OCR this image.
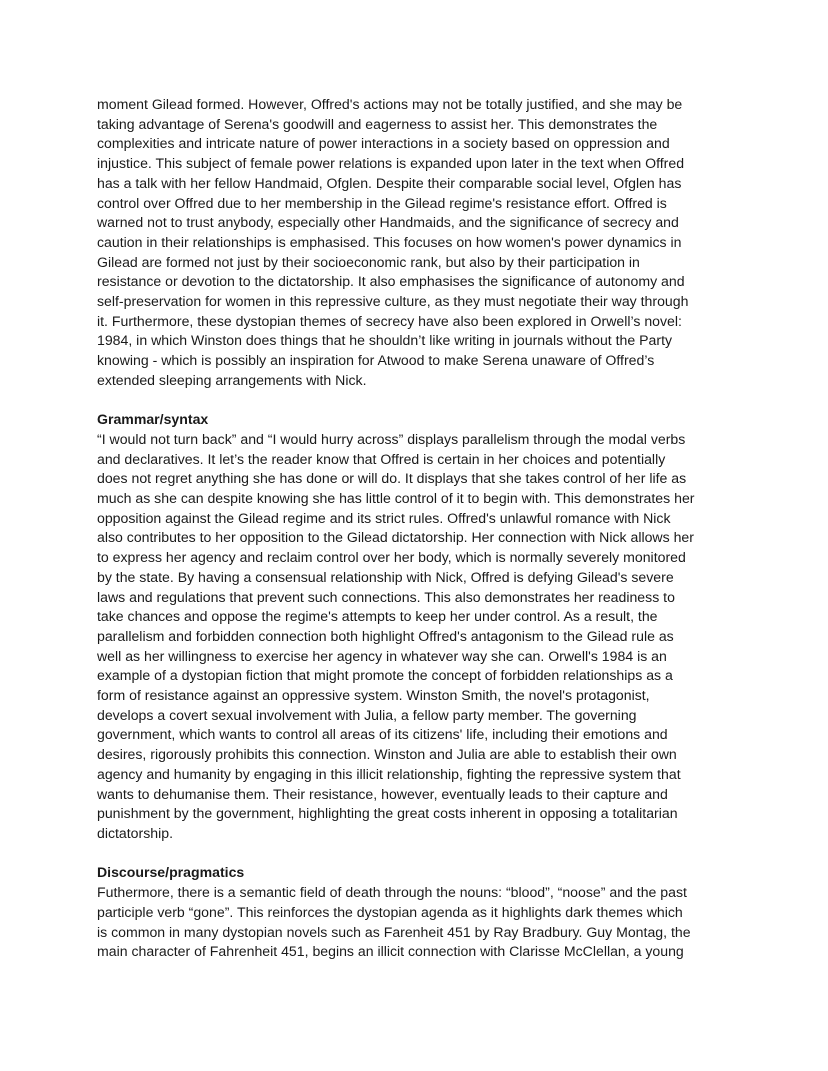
moment Gilead formed. However, Offred's actions may not be totally justified, and she may be
taking advantage of Serena's goodwill and eagerness to assist her. This demonstrates the
complexities and intricate nature of power interactions in a society based on oppression and
injustice. This subject of female power relations is expanded upon later in the text when Offred
has a talk with her fellow Handmaid, Ofglen. Despite their comparable social level, Ofglen has
control over Offred due to her membership in the Gilead regime's resistance effort. Offred is
warned not to trust anybody, especially other Handmaids, and the significance of secrecy and
caution in their relationships is emphasised. This focuses on how women's power dynamics in
Gilead are formed not just by their socioeconomic rank, but also by their participation in
resistance or devotion to the dictatorship. It also emphasises the significance of autonomy and
self-preservation for women in this repressive culture, as they must negotiate their way through
it. Furthermore, these dystopian themes of secrecy have also been explored in Orwell’s novel:
1984, in which Winston does things that he shouldn’t like writing in journals without the Party
knowing - which is possibly an inspiration for Atwood to make Serena unaware of Offred’s
extended sleeping arrangements with Nick.
Grammar/syntax
“I would not turn back” and “I would hurry across” displays parallelism through the modal verbs
and declaratives. It let’s the reader know that Offred is certain in her choices and potentially
does not regret anything she has done or will do. It displays that she takes control of her life as
much as she can despite knowing she has little control of it to begin with. This demonstrates her
opposition against the Gilead regime and its strict rules. Offred's unlawful romance with Nick
also contributes to her opposition to the Gilead dictatorship. Her connection with Nick allows her
to express her agency and reclaim control over her body, which is normally severely monitored
by the state. By having a consensual relationship with Nick, Offred is defying Gilead's severe
laws and regulations that prevent such connections. This also demonstrates her readiness to
take chances and oppose the regime's attempts to keep her under control. As a result, the
parallelism and forbidden connection both highlight Offred's antagonism to the Gilead rule as
well as her willingness to exercise her agency in whatever way she can. Orwell's 1984 is an
example of a dystopian fiction that might promote the concept of forbidden relationships as a
form of resistance against an oppressive system. Winston Smith, the novel's protagonist,
develops a covert sexual involvement with Julia, a fellow party member. The governing
government, which wants to control all areas of its citizens' life, including their emotions and
desires, rigorously prohibits this connection. Winston and Julia are able to establish their own
agency and humanity by engaging in this illicit relationship, fighting the repressive system that
wants to dehumanise them. Their resistance, however, eventually leads to their capture and
punishment by the government, highlighting the great costs inherent in opposing a totalitarian
dictatorship.
Discourse/pragmatics
Futhermore, there is a semantic field of death through the nouns: “blood”, “noose” and the past
participle verb “gone”. This reinforces the dystopian agenda as it highlights dark themes which
is common in many dystopian novels such as Farenheit 451 by Ray Bradbury. Guy Montag, the
main character of Fahrenheit 451, begins an illicit connection with Clarisse McClellan, a young
